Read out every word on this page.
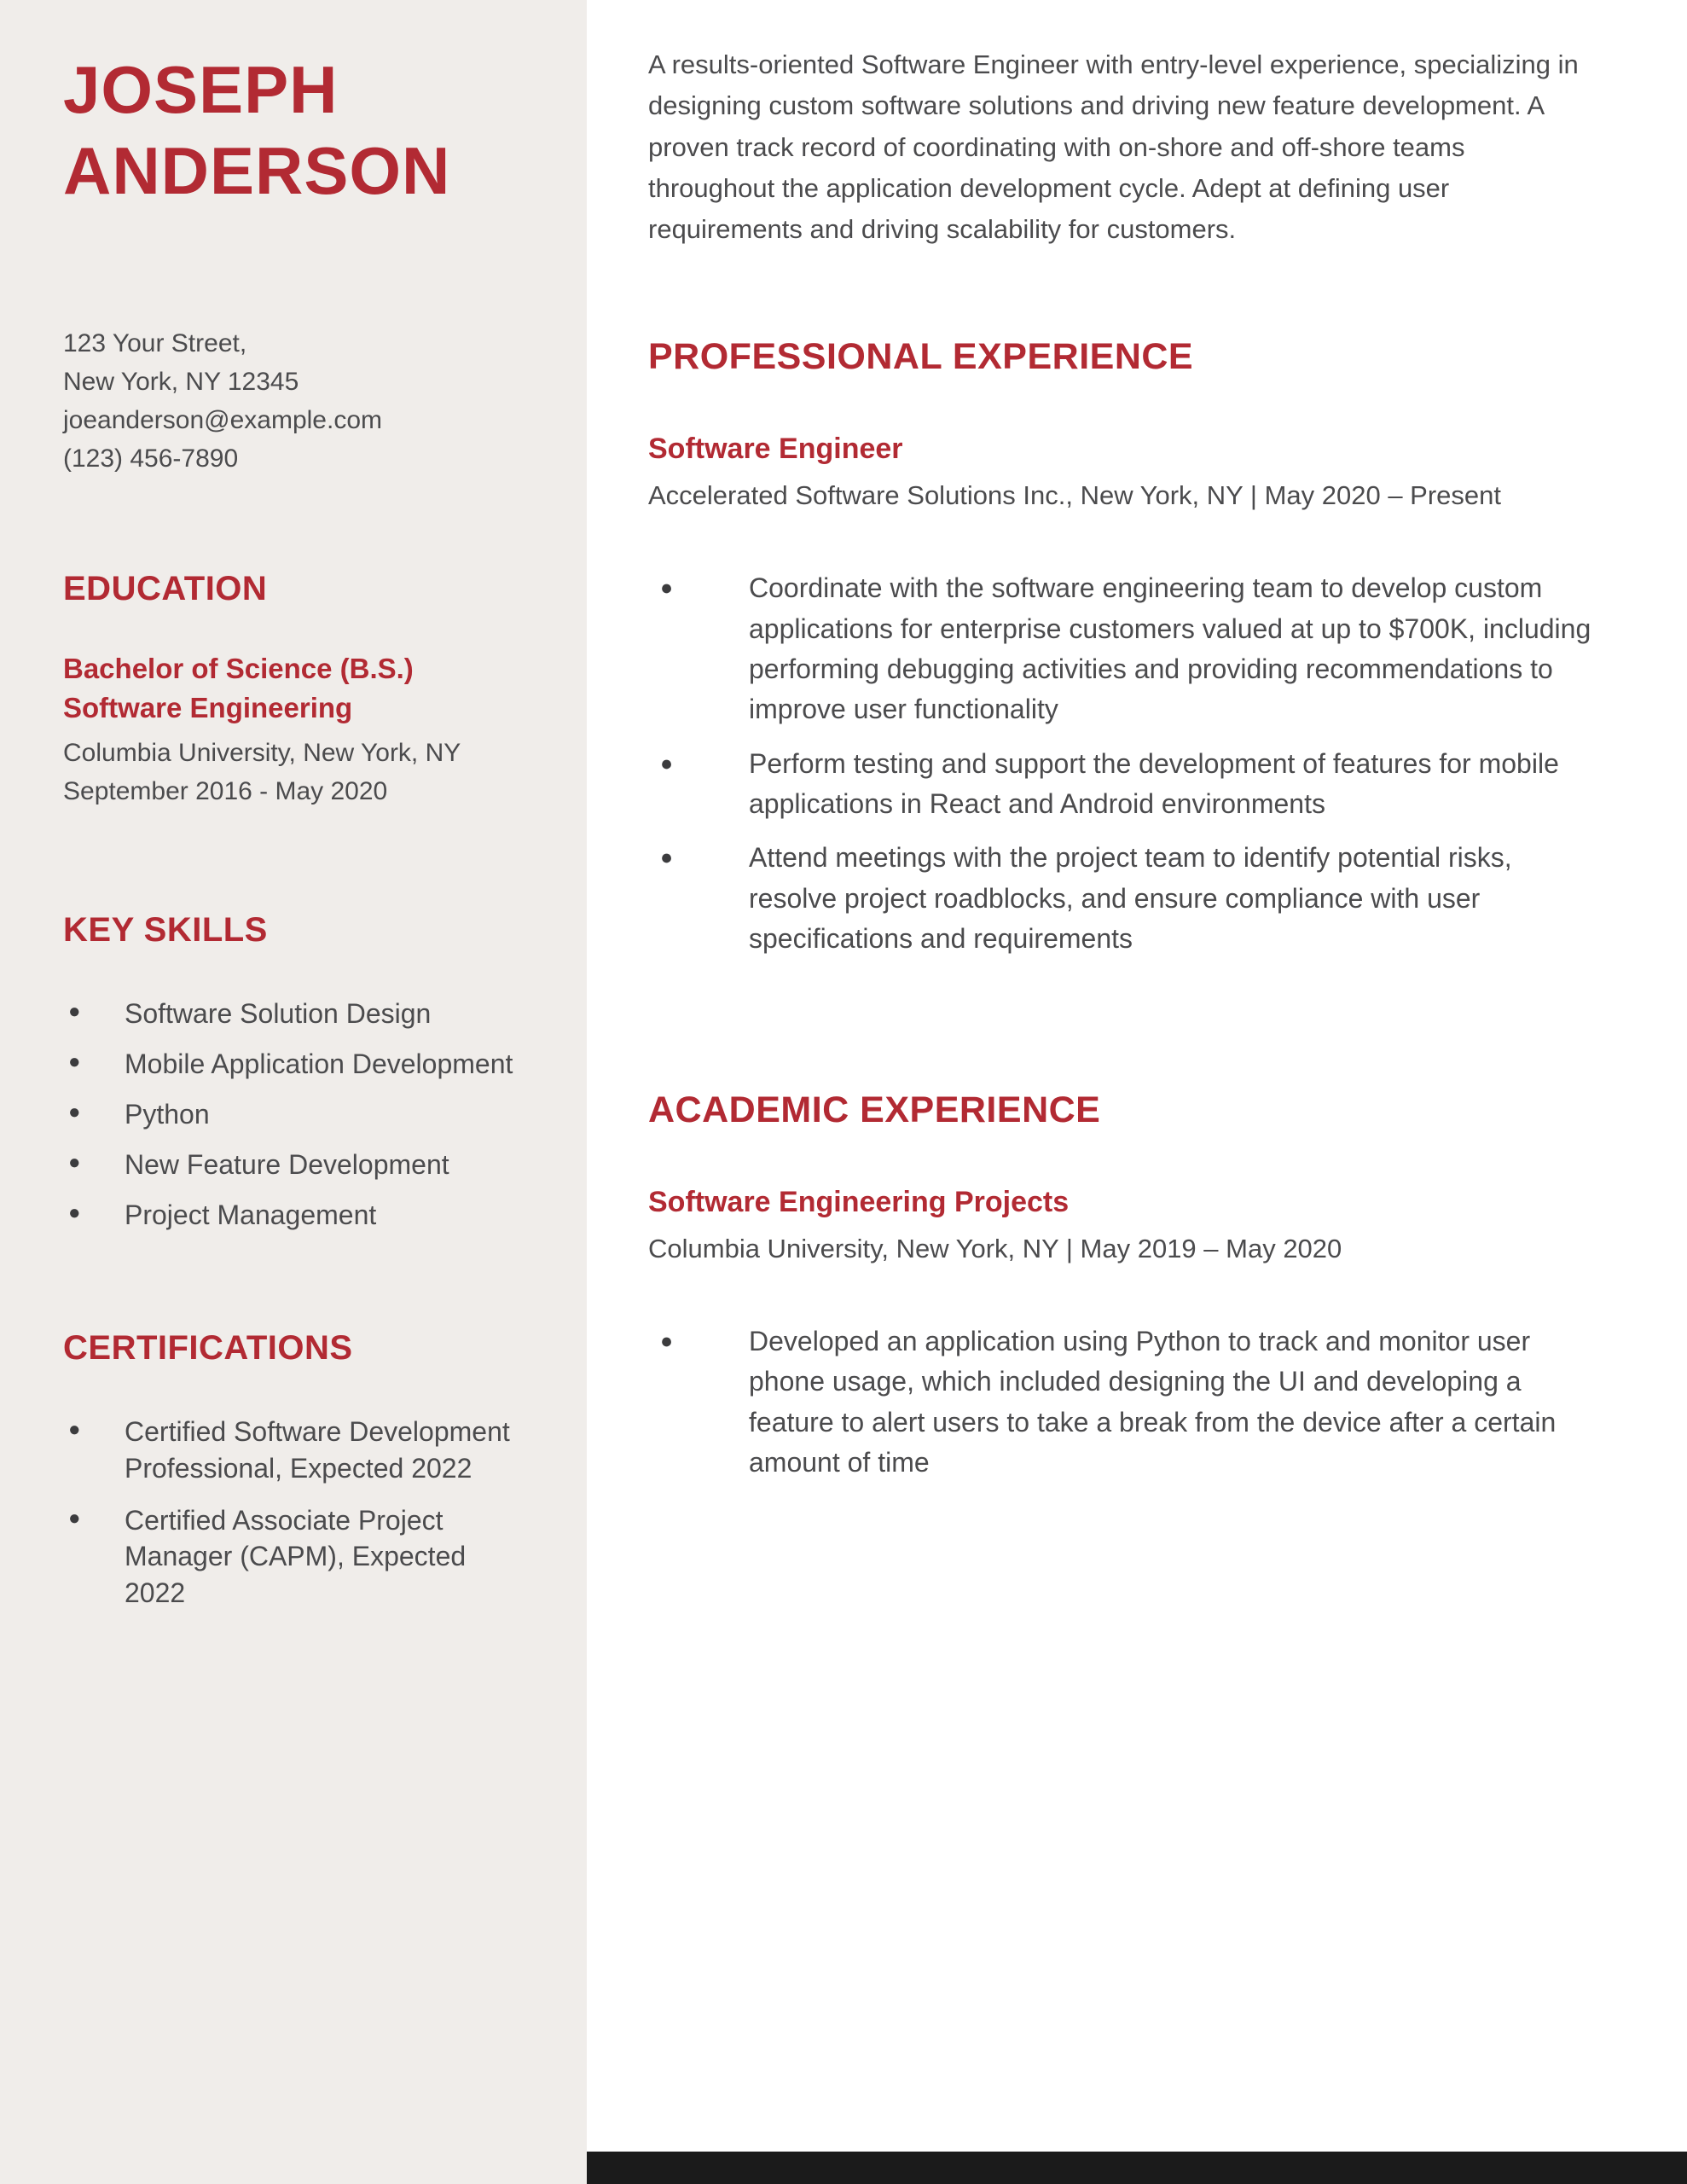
JOSEPH
ANDERSON
123 Your Street,
New York, NY 12345
joeanderson@example.com
(123) 456-7890
EDUCATION
Bachelor of Science (B.S.) Software Engineering
Columbia University, New York, NY
September 2016 - May 2020
KEY SKILLS
● Software Solution Design
● Mobile Application Development
● Python
● New Feature Development
● Project Management
CERTIFICATIONS
● Certified Software Development Professional, Expected 2022
● Certified Associate Project Manager (CAPM), Expected 2022

A results-oriented Software Engineer with entry-level experience, specializing in designing custom software solutions and driving new feature development. A proven track record of coordinating with on-shore and off-shore teams throughout the application development cycle. Adept at defining user requirements and driving scalability for customers.

PROFESSIONAL EXPERIENCE
Software Engineer
Accelerated Software Solutions Inc., New York, NY | May 2020 – Present
● Coordinate with the software engineering team to develop custom applications for enterprise customers valued at up to $700K, including performing debugging activities and providing recommendations to improve user functionality
● Perform testing and support the development of features for mobile applications in React and Android environments
● Attend meetings with the project team to identify potential risks, resolve project roadblocks, and ensure compliance with user specifications and requirements
ACADEMIC EXPERIENCE
Software Engineering Projects
Columbia University, New York, NY | May 2019 – May 2020
● Developed an application using Python to track and monitor user phone usage, which included designing the UI and developing a feature to alert users to take a break from the device after a certain amount of time
